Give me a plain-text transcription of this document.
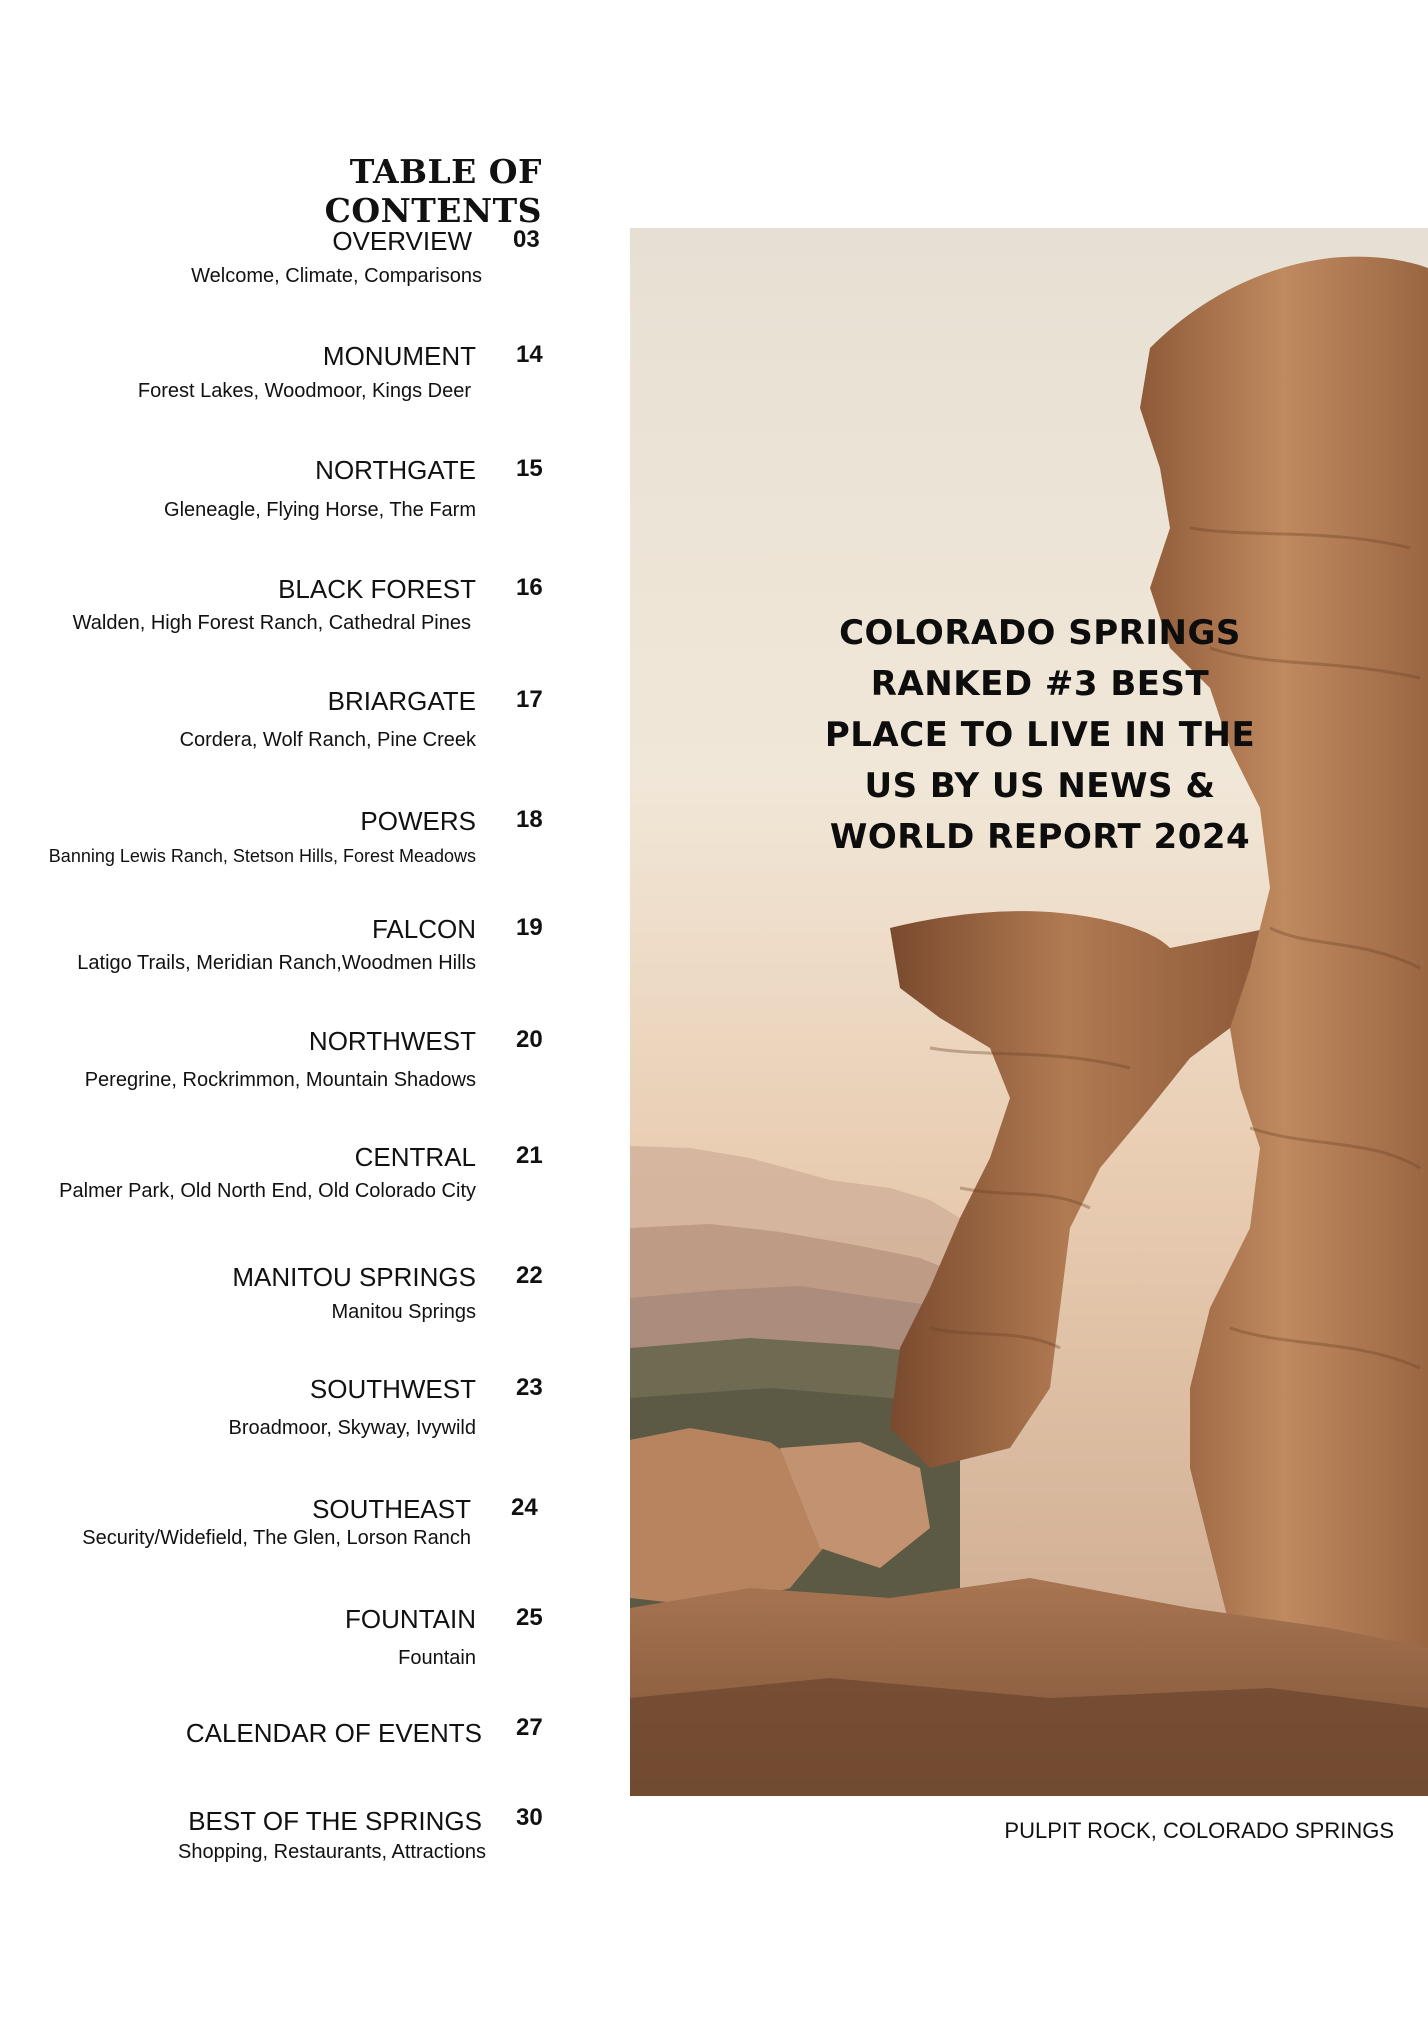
TABLE OF CONTENTS
OVERVIEW 03
Welcome, Climate, Comparisons
MONUMENT 14
Forest Lakes, Woodmoor, Kings Deer
NORTHGATE 15
Gleneagle, Flying Horse, The Farm
BLACK FOREST 16
Walden, High Forest Ranch, Cathedral Pines
BRIARGATE 17
Cordera, Wolf Ranch, Pine Creek
POWERS 18
Banning Lewis Ranch, Stetson Hills, Forest Meadows
FALCON 19
Latigo Trails, Meridian Ranch,Woodmen Hills
NORTHWEST 20
Peregrine, Rockrimmon, Mountain Shadows
CENTRAL 21
Palmer Park, Old North End, Old Colorado City
MANITOU SPRINGS 22
Manitou Springs
SOUTHWEST 23
Broadmoor, Skyway, Ivywild
SOUTHEAST 24
Security/Widefield, The Glen, Lorson Ranch
FOUNTAIN 25
Fountain
CALENDAR OF EVENTS 27
BEST OF THE SPRINGS 30
Shopping, Restaurants, Attractions
COLORADO SPRINGS
RANKED #3 BEST
PLACE TO LIVE IN THE
US BY US NEWS &
WORLD REPORT 2024
PULPIT ROCK, COLORADO SPRINGS
